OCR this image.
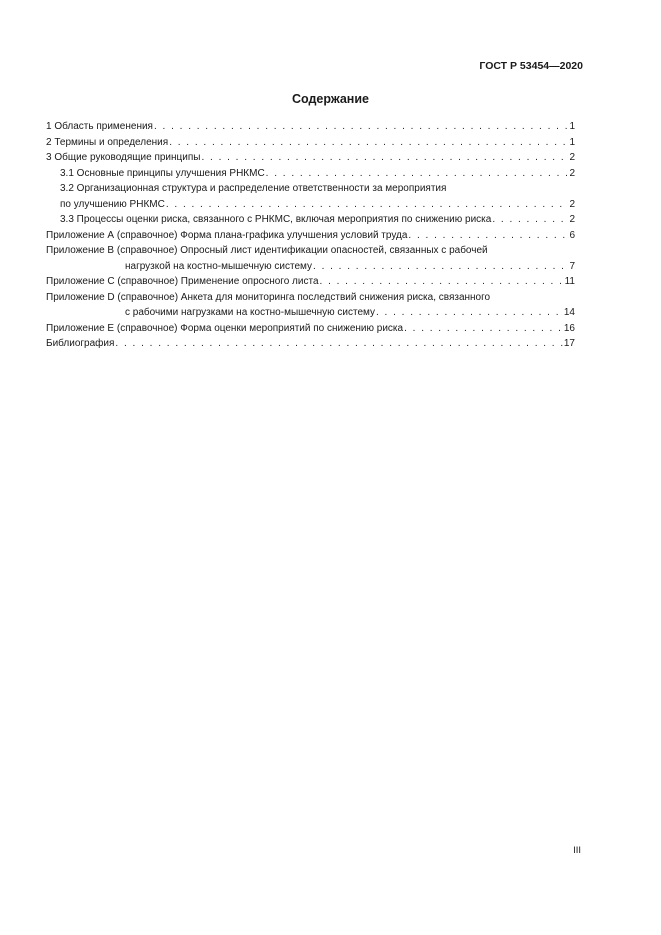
ГОСТ Р 53454—2020
Содержание
1 Область применения . . .	1
2 Термины и определения . . .	1
3 Общие руководящие принципы . . .	2
3.1 Основные принципы улучшения РНКМС . . .	2
3.2 Организационная структура и распределение ответственности за мероприятия
по улучшению РНКМС . . .	2
3.3 Процессы оценки риска, связанного с РНКМС, включая мероприятия по снижению риска . . .	2
Приложение А (справочное) Форма плана-графика улучшения условий труда . . .	6
Приложение В (справочное) Опросный лист идентификации опасностей, связанных с рабочей
нагрузкой на костно-мышечную систему . . .	7
Приложение С (справочное) Применение опросного листа . . .	11
Приложение D (справочное) Анкета для мониторинга последствий снижения риска, связанного
с рабочими нагрузками на костно-мышечную систему . . .	14
Приложение Е (справочное) Форма оценки мероприятий по снижению риска . . .	16
Библиография . . .	17
III
